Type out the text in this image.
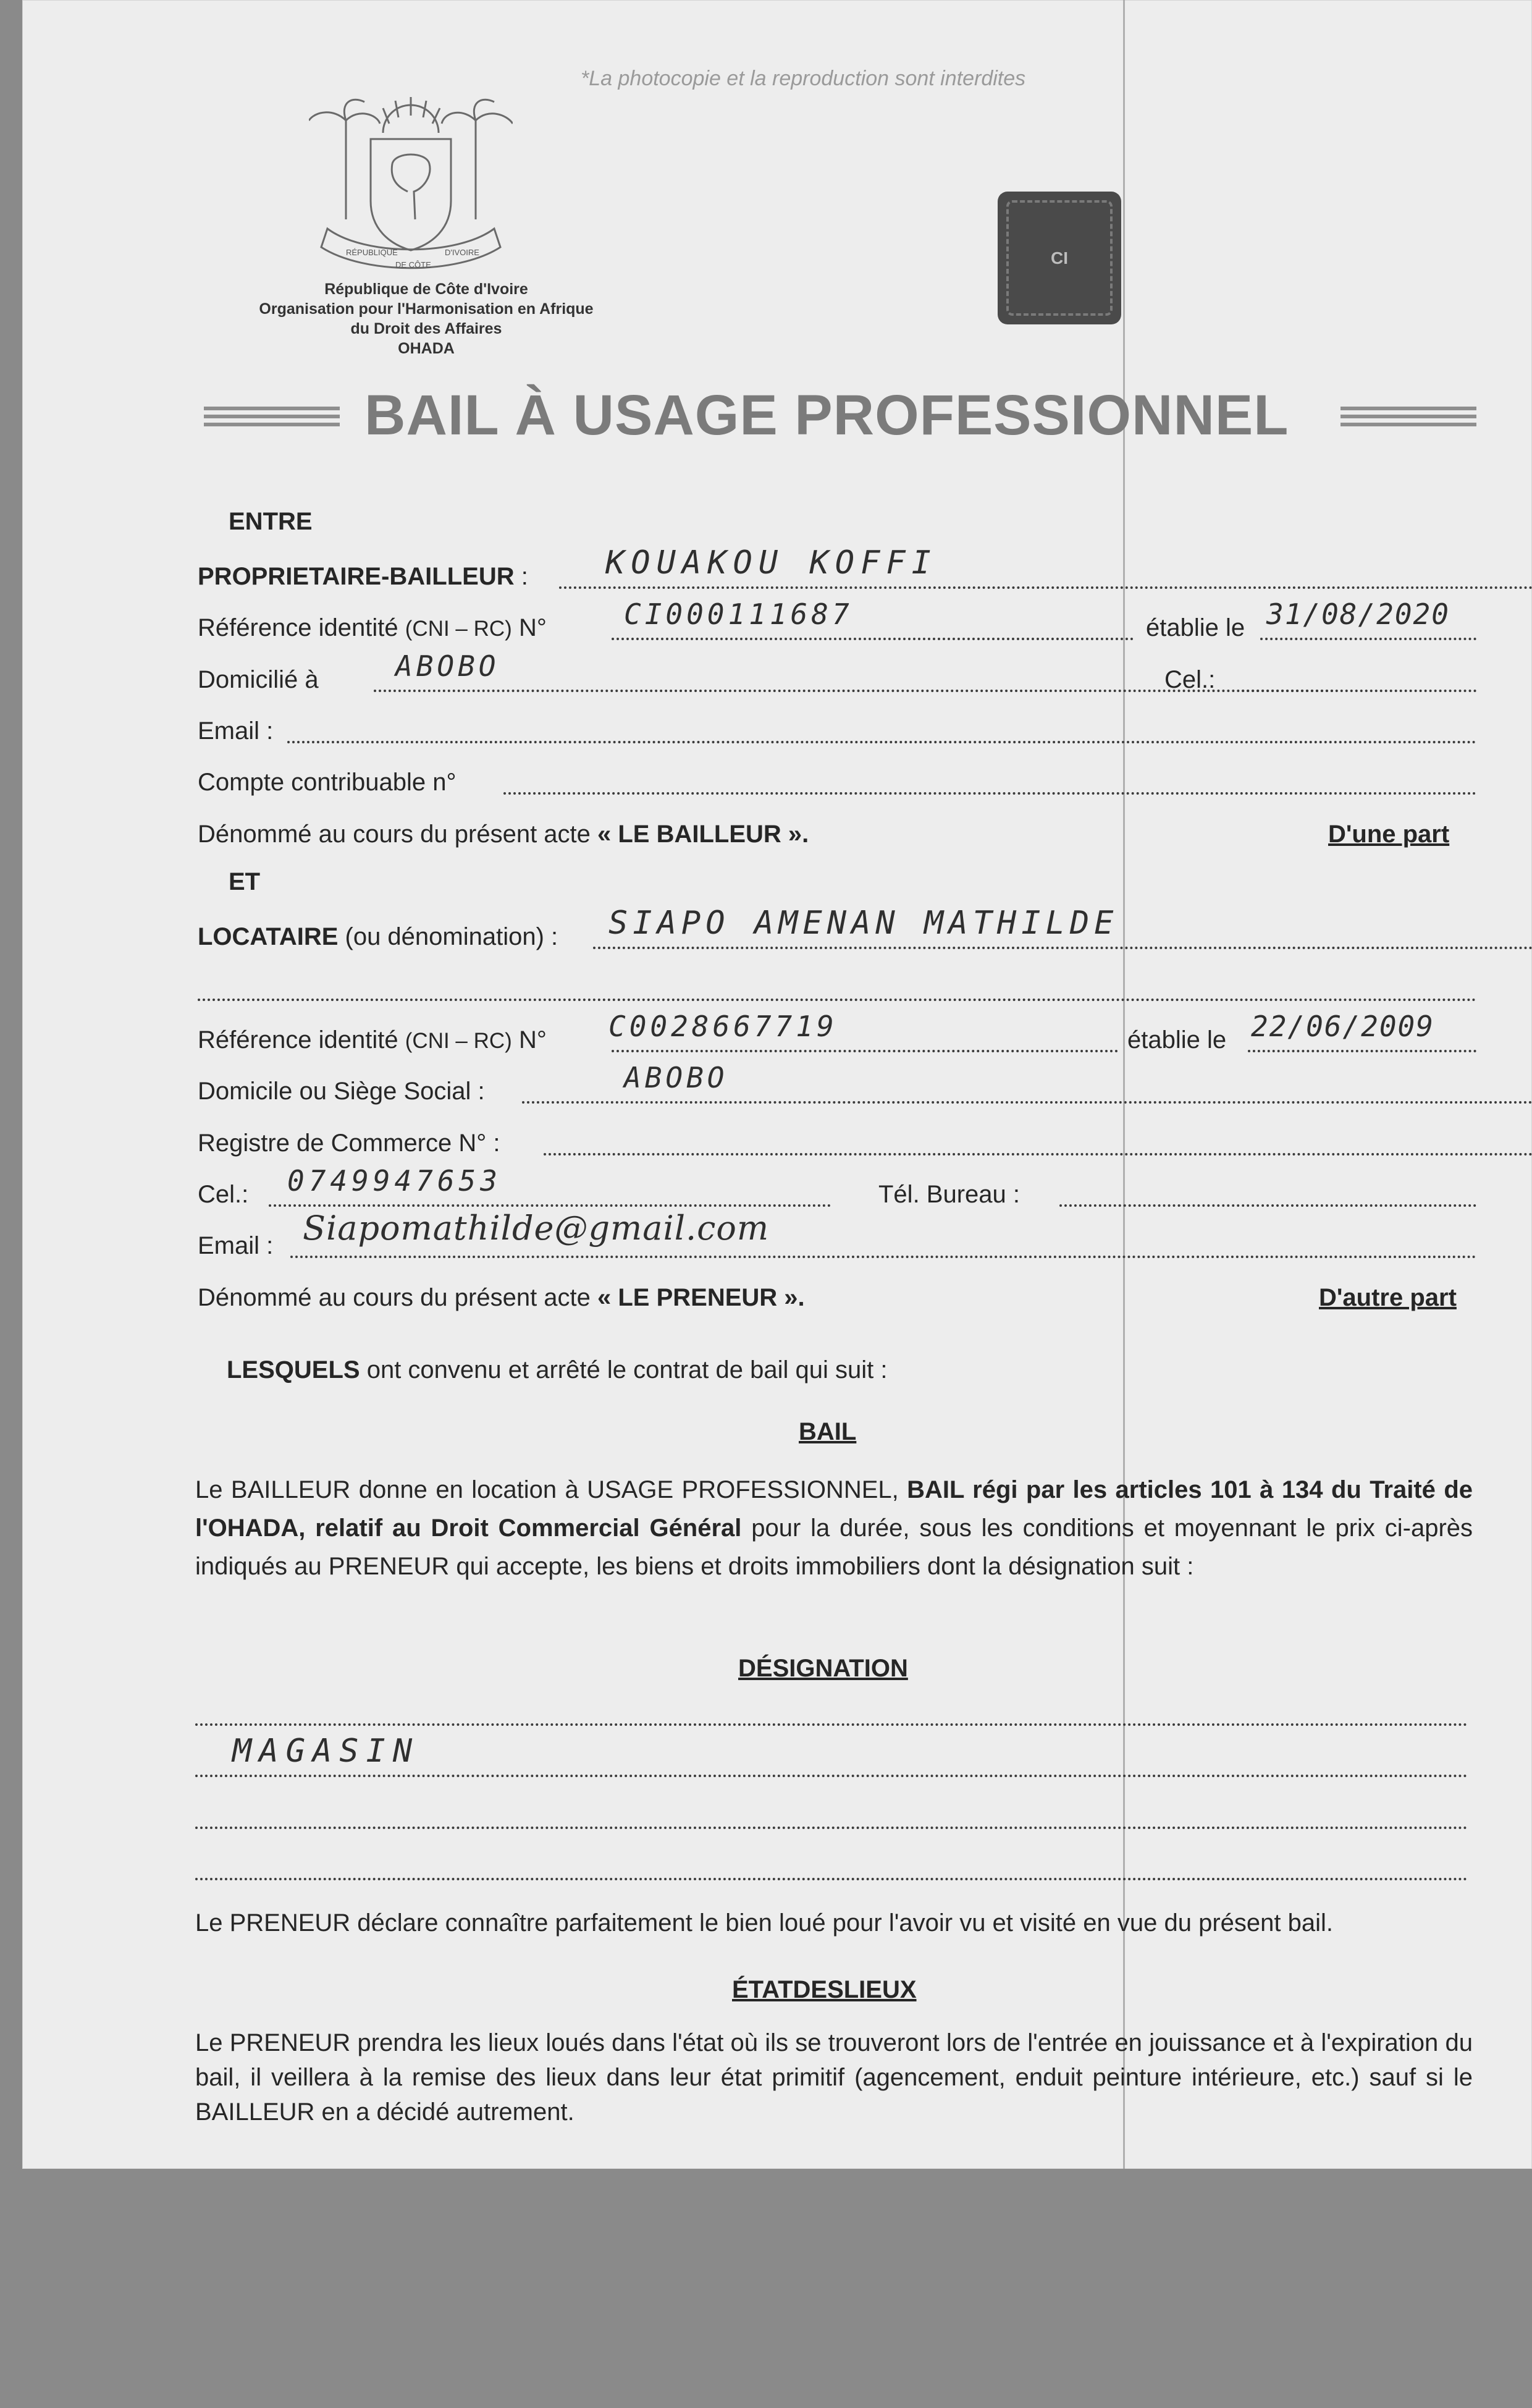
*La photocopie et la reproduction sont interdites
RÉPUBLIQUE
DE CÔTE
D'IVOIRE
République de Côte d'Ivoire
Organisation pour l'Harmonisation en Afrique
du Droit des Affaires
OHADA
CI
BAIL À USAGE PROFESSIONNEL
ENTRE
PROPRIETAIRE-BAILLEUR : KOUAKOU KOFFI
Référence identité (CNI – RC) N°	CI000111687	établie le 31/08/2020
Domicilié à	ABOBO	Cel.:
Email :
Compte contribuable n°
Dénommé au cours du présent acte « LE BAILLEUR ».	D'une part
ET
LOCATAIRE (ou dénomination) : SIAPO AMENAN MATHILDE
Référence identité (CNI – RC) N° C0028667719	établie le 22/06/2009
Domicile ou Siège Social :	ABOBO
Registre de Commerce N° :
Cel.: 0749947653	Tél. Bureau :
Email : Siapomathilde@gmail.com
Dénommé au cours du présent acte « LE PRENEUR ».	D'autre part
LESQUELS ont convenu et arrêté le contrat de bail qui suit :
BAIL
Le BAILLEUR donne en location à USAGE PROFESSIONNEL, BAIL régi par les articles 101 à 134 du Traité de l'OHADA, relatif au Droit Commercial Général pour la durée, sous les conditions et moyennant le prix ci-après indiqués au PRENEUR qui accepte, les biens et droits immobiliers dont la désignation suit :
DÉSIGNATION
MAGASIN
Le PRENEUR déclare connaître parfaitement le bien loué pour l'avoir vu et visité en vue du présent bail.
ÉTATDESLIEUX
Le PRENEUR prendra les lieux loués dans l'état où ils se trouveront lors de l'entrée en jouissance et à l'expiration du bail, il veillera à la remise des lieux dans leur état primitif (agencement, enduit peinture intérieure, etc.) sauf si le BAILLEUR en a décidé autrement.
